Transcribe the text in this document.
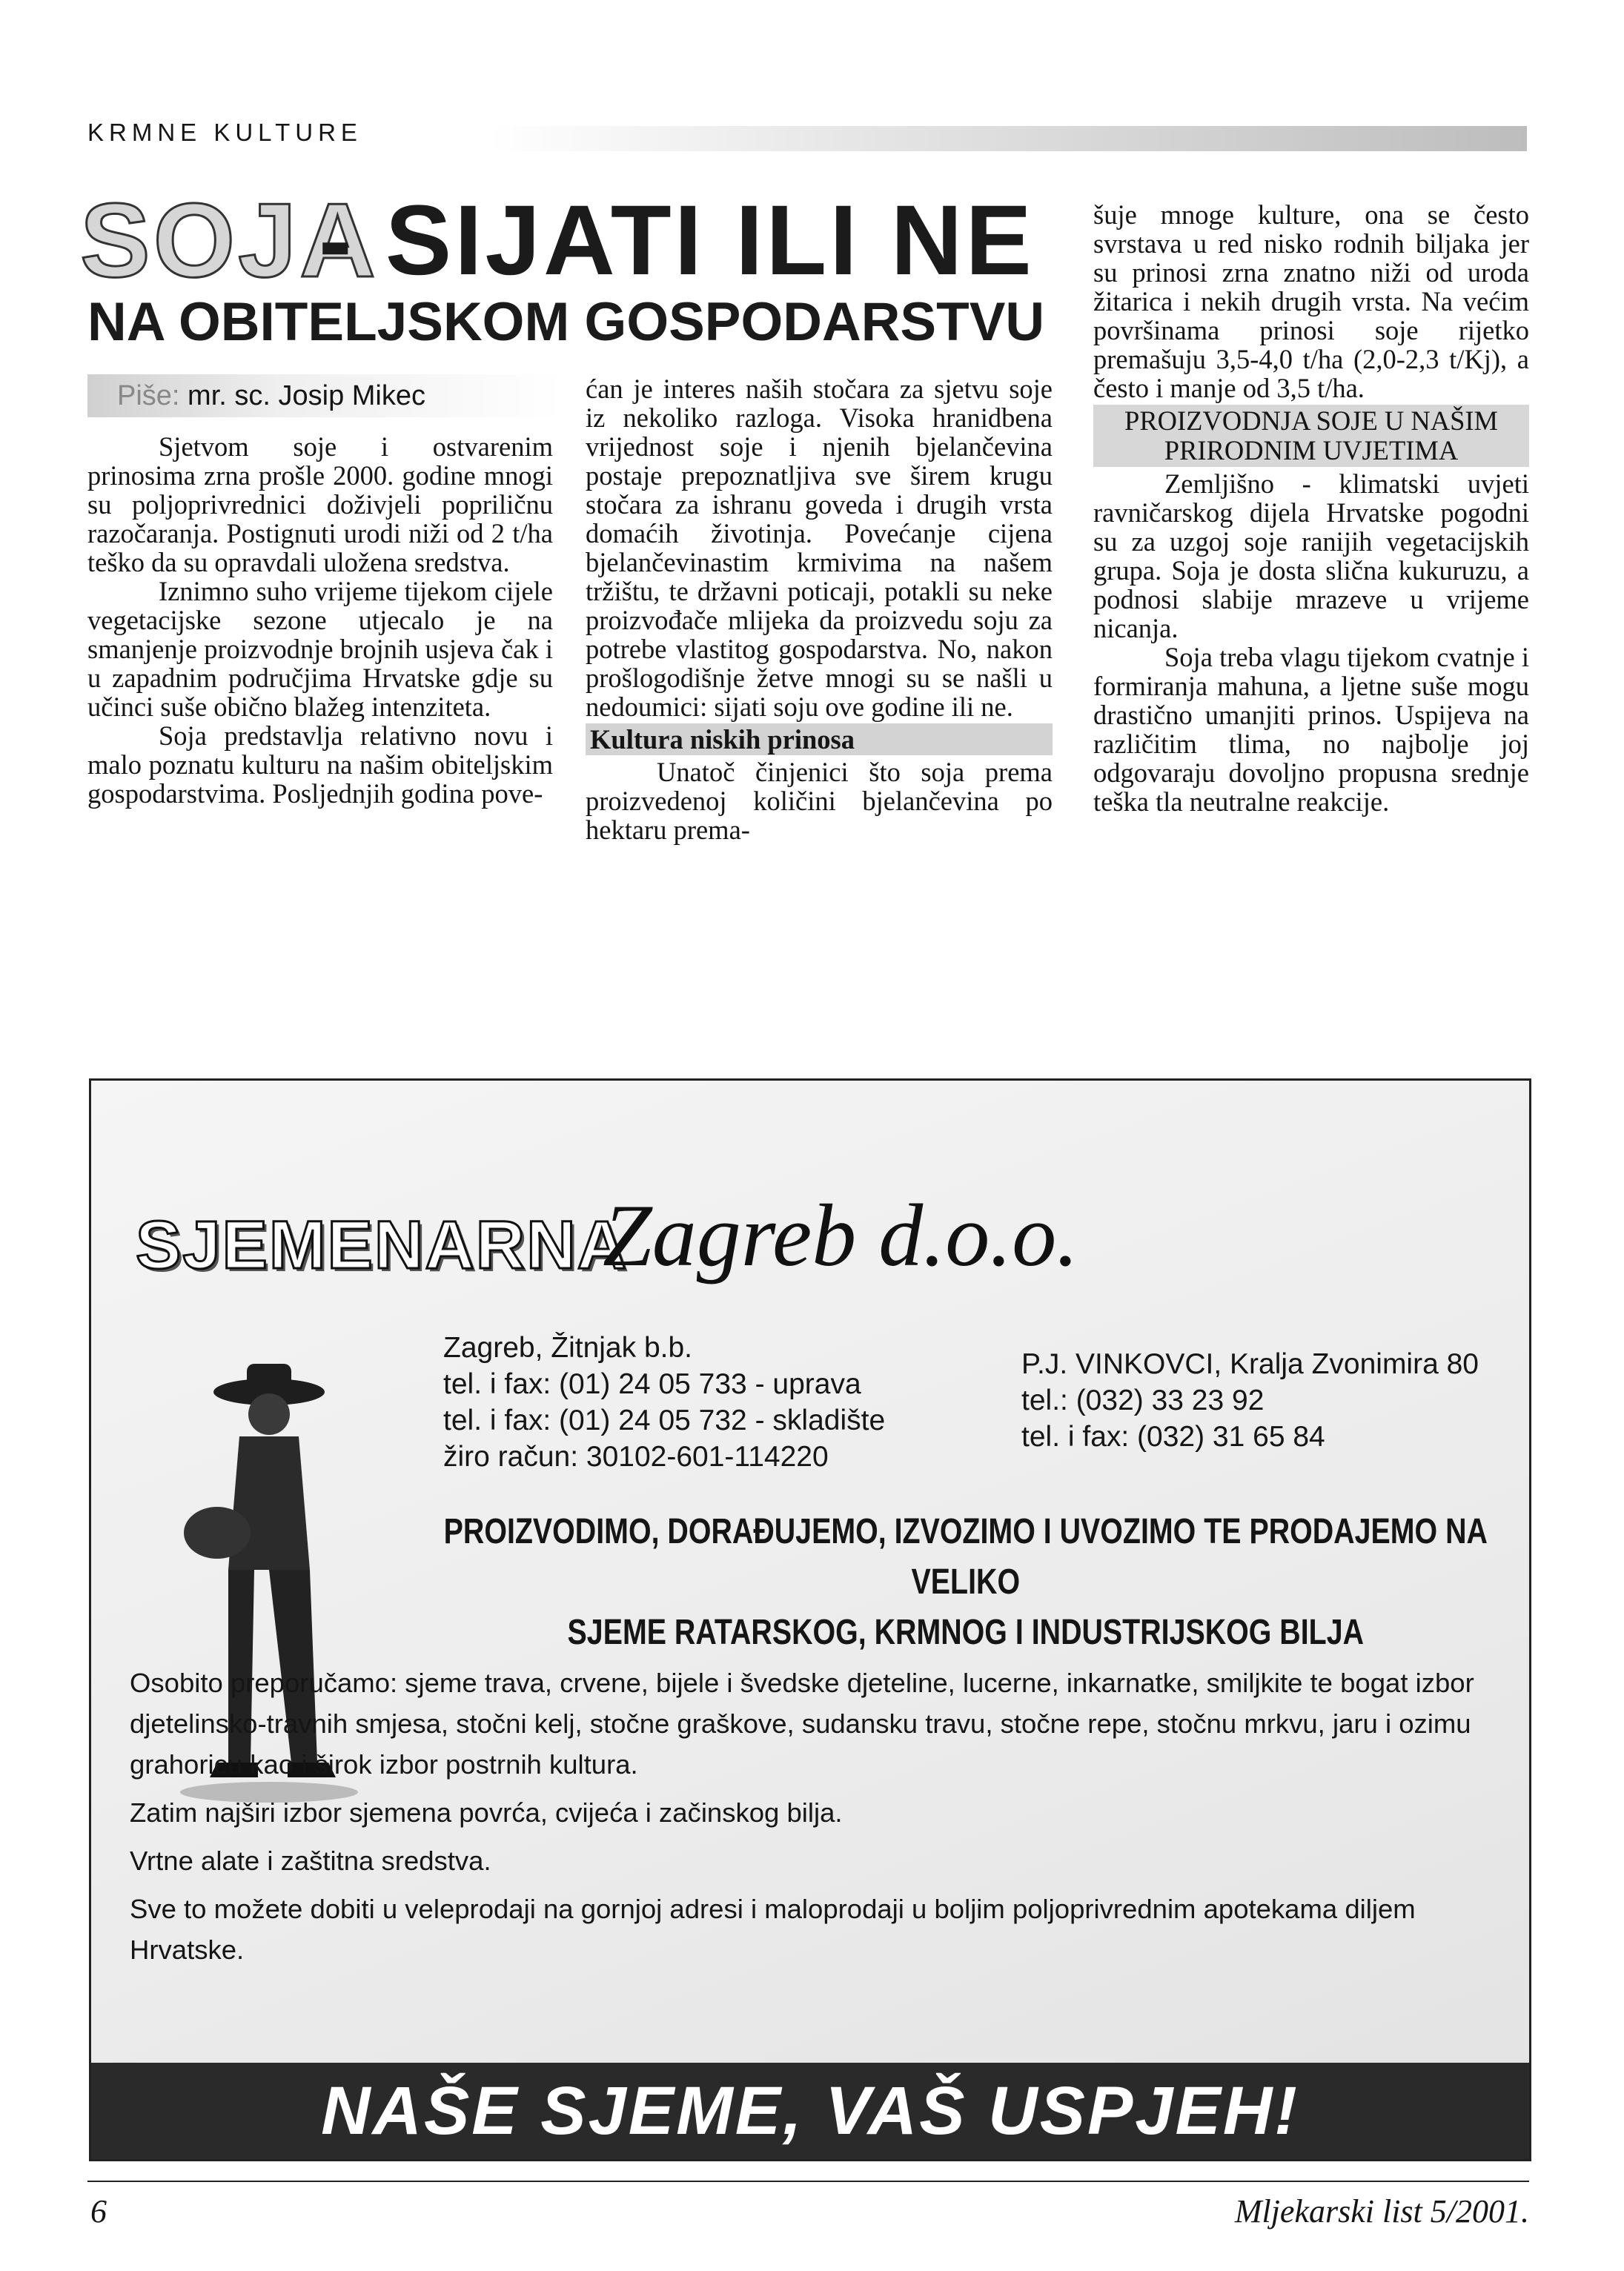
KRMNE KULTURE
SOJA
- SIJATI ILI NE
NA OBITELJSKOM GOSPODARSTVU
Piše: mr. sc. Josip Mikec

Sjetvom soje i ostvarenim prinosima zrna prošle 2000. godine mnogi su poljoprivrednici doživjeli popriličnu razočaranja. Postignuti urodi niži od 2 t/ha teško da su opravdali uložena sredstva.

Iznimno suho vrijeme tijekom cijele vegetacijske sezone utjecalo je na smanjenje proizvodnje brojnih usjeva čak i u zapadnim područjima Hrvatske gdje su učinci suše obično blažeg intenziteta.

Soja predstavlja relativno novu i malo poznatu kulturu na našim obiteljskim gospodarstvima. Posljednjih godina pove-

ćan je interes naših stočara za sjetvu soje iz nekoliko razloga. Visoka hranidbena vrijednost soje i njenih bjelančevina postaje prepoznatljiva sve širem krugu stočara za ishranu goveda i drugih vrsta domaćih životinja. Povećanje cijena bjelančevinastim krmivima na našem tržištu, te državni poticaji, potakli su neke proizvođače mlijeka da proizvedu soju za potrebe vlastitog gospodarstva. No, nakon prošlogodišnje žetve mnogi su se našli u nedoumici: sijati soju ove godine ili ne.

Kultura niskih prinosa

Unatoč činjenici što soja prema proizvedenoj količini bjelančevina po hektaru prema-

šuje mnoge kulture, ona se često svrstava u red nisko rodnih biljaka jer su prinosi zrna znatno niži od uroda žitarica i nekih drugih vrsta. Na većim površinama prinosi soje rijetko premašuju 3,5-4,0 t/ha (2,0-2,3 t/Kj), a često i manje od 3,5 t/ha.

PROIZVODNJA SOJE U NAŠIM PRIRODNIM UVJETIMA

Zemljišno - klimatski uvjeti ravničarskog dijela Hrvatske pogodni su za uzgoj soje ranijih vegetacijskih grupa. Soja je dosta slična kukuruzu, a podnosi slabije mrazeve u vrijeme nicanja.

Soja treba vlagu tijekom cvatnje i formiranja mahuna, a ljetne suše mogu drastično umanjiti prinos. Uspijeva na različitim tlima, no najbolje joj odgovaraju dovoljno propusna srednje teška tla neutralne reakcije.

SJEMENARNA
Zagreb d.o.o.
Zagreb, Žitnjak b.b.
tel. i fax: (01) 24 05 733 - uprava
tel. i fax: (01) 24 05 732 - skladište
žiro račun: 30102-601-114220
P.J. VINKOVCI, Kralja Zvonimira 80
tel.: (032) 33 23 92
tel. i fax: (032) 31 65 84
PROIZVODIMO, DORAĐUJEMO, IZVOZIMO I UVOZIMO TE PRODAJEMO NA VELIKO
SJEME RATARSKOG, KRMNOG I INDUSTRIJSKOG BILJA

Osobito preporučamo: sjeme trava, crvene, bijele i švedske djeteline, lucerne, inkarnatke, smiljkite te bogat izbor djetelinsko-travnih smjesa, stočni kelj, stočne graškove, sudansku travu, stočne repe, stočnu mrkvu, jaru i ozimu grahoricu kao i širok izbor postrnih kultura.

Zatim najširi izbor sjemena povrća, cvijeća i začinskog bilja.

Vrtne alate i zaštitna sredstva.

Sve to možete dobiti u veleprodaji na gornjoj adresi i maloprodaji u boljim poljoprivrednim apotekama diljem Hrvatske.

NAŠE SJEME, VAŠ USPJEH!
6	Mljekarski list 5/2001.
